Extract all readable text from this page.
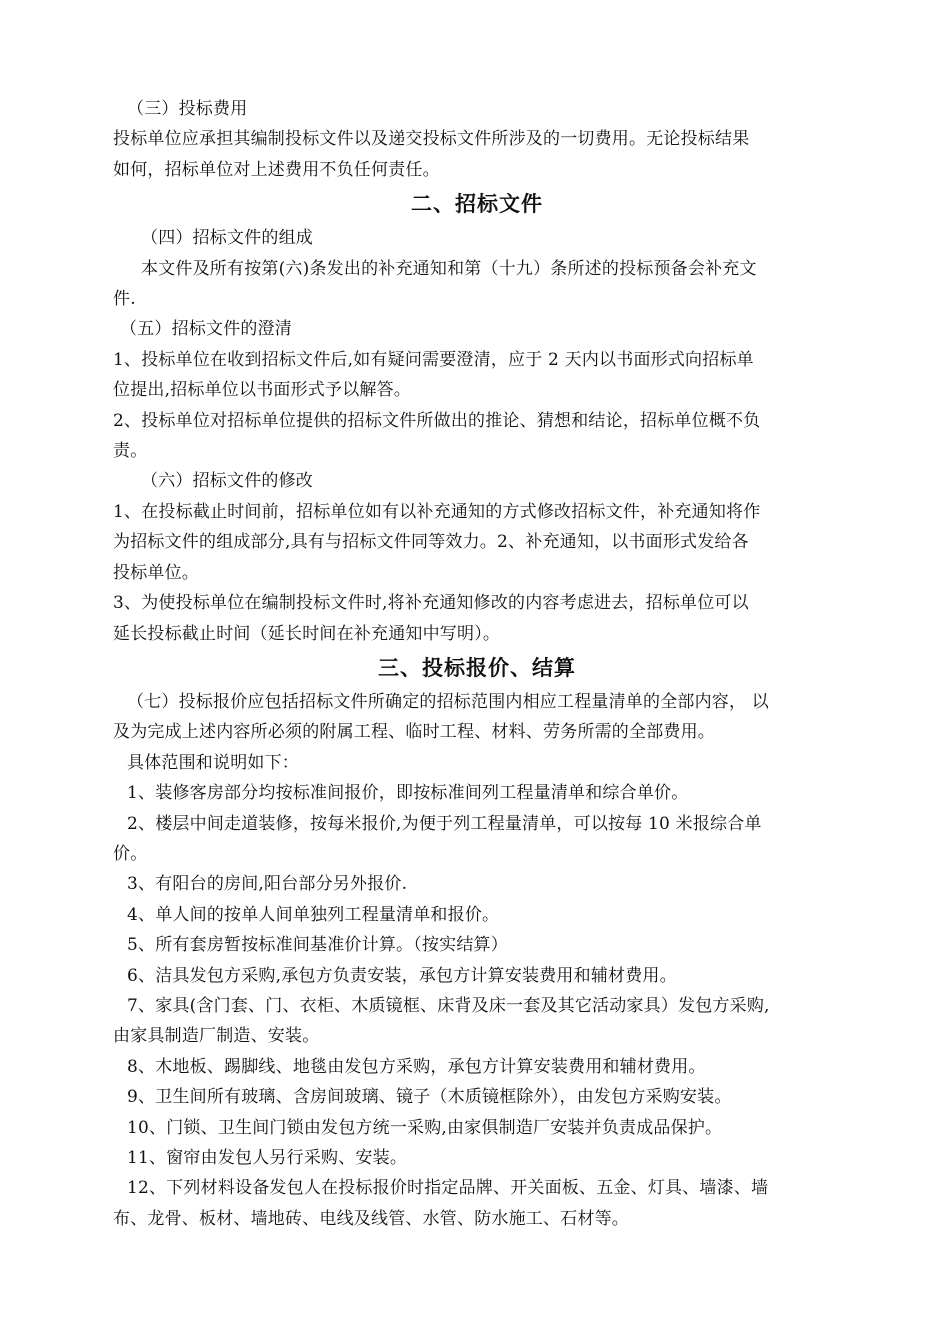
（三）投标费用
投标单位应承担其编制投标文件以及递交投标文件所涉及的一切费用。无论投标结果
如何，招标单位对上述费用不负任何责任。
二、招标文件
（四）招标文件的组成
本文件及所有按第(六)条发出的补充通知和第（十九）条所述的投标预备会补充文
件.
（五）招标文件的澄清
1、投标单位在收到招标文件后,如有疑问需要澄清，应于 2 天内以书面形式向招标单
位提出,招标单位以书面形式予以解答。
2、投标单位对招标单位提供的招标文件所做出的推论、猜想和结论，招标单位概不负
责。
（六）招标文件的修改
1、在投标截止时间前，招标单位如有以补充通知的方式修改招标文件，补充通知将作
为招标文件的组成部分,具有与招标文件同等效力。2、补充通知，以书面形式发给各
投标单位。
3、为使投标单位在编制投标文件时,将补充通知修改的内容考虑进去，招标单位可以
延长投标截止时间（延长时间在补充通知中写明）。
三、投标报价、结算
（七）投标报价应包括招标文件所确定的招标范围内相应工程量清单的全部内容， 以
及为完成上述内容所必须的附属工程、临时工程、材料、劳务所需的全部费用。
具体范围和说明如下：
1、装修客房部分均按标准间报价，即按标准间列工程量清单和综合单价。
2、楼层中间走道装修，按每米报价,为便于列工程量清单，可以按每 10 米报综合单
价。
3、有阳台的房间,阳台部分另外报价.
4、单人间的按单人间单独列工程量清单和报价。
5、所有套房暂按标准间基准价计算。（按实结算）
6、洁具发包方采购,承包方负责安装，承包方计算安装费用和辅材费用。
7、家具(含门套、门、衣柜、木质镜框、床背及床一套及其它活动家具）发包方采购,
由家具制造厂制造、安装。
8、木地板、踢脚线、地毯由发包方采购，承包方计算安装费用和辅材费用。
9、卫生间所有玻璃、含房间玻璃、镜子（木质镜框除外），由发包方采购安装。
10、门锁、卫生间门锁由发包方统一采购,由家俱制造厂安装并负责成品保护。
11、窗帘由发包人另行采购、安装。
12、下列材料设备发包人在投标报价时指定品牌、开关面板、五金、灯具、墙漆、墙
布、龙骨、板材、墙地砖、电线及线管、水管、防水施工、石材等。
